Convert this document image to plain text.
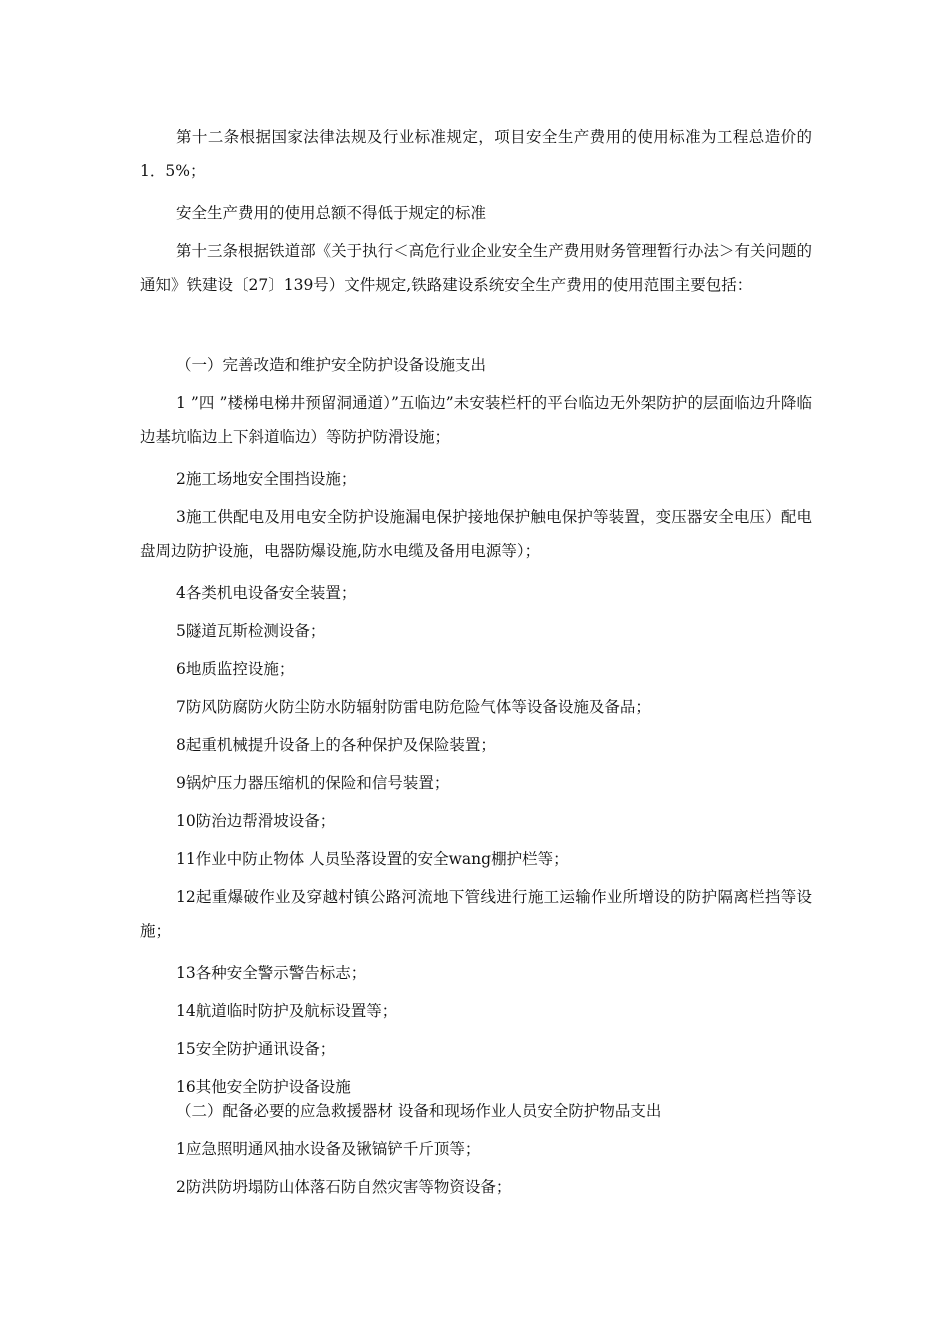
第十二条根据国家法律法规及行业标准规定，项目安全生产费用的使用标准为工程总造价的1．5%；

安全生产费用的使用总额不得低于规定的标准

第十三条根据铁道部《关于执行＜高危行业企业安全生产费用财务管理暂行办法＞有关问题的通知》铁建设〔27〕139号）文件规定,铁路建设系统安全生产费用的使用范围主要包括：

（一）完善改造和维护安全防护设备设施支出

1 ”四 ”楼梯电梯井预留洞通道）”五临边”未安装栏杆的平台临边无外架防护的层面临边升降临边基坑临边上下斜道临边）等防护防滑设施；

2施工场地安全围挡设施；

3施工供配电及用电安全防护设施漏电保护接地保护触电保护等装置，变压器安全电压）配电盘周边防护设施，电器防爆设施,防水电缆及备用电源等）；

4各类机电设备安全装置；

5隧道瓦斯检测设备；

6地质监控设施；

7防风防腐防火防尘防水防辐射防雷电防危险气体等设备设施及备品；

8起重机械提升设备上的各种保护及保险装置；

9锅炉压力器压缩机的保险和信号装置；

10防治边帮滑坡设备；

11作业中防止物体 人员坠落设置的安全wang棚护栏等；

12起重爆破作业及穿越村镇公路河流地下管线进行施工运输作业所增设的防护隔离栏挡等设施；

13各种安全警示警告标志；

14航道临时防护及航标设置等；

15安全防护通讯设备；

16其他安全防护设备设施

（二）配备必要的应急救援器材 设备和现场作业人员安全防护物品支出

1应急照明通风抽水设备及锹镐铲千斤顶等；

2防洪防坍塌防山体落石防自然灾害等物资设备；
